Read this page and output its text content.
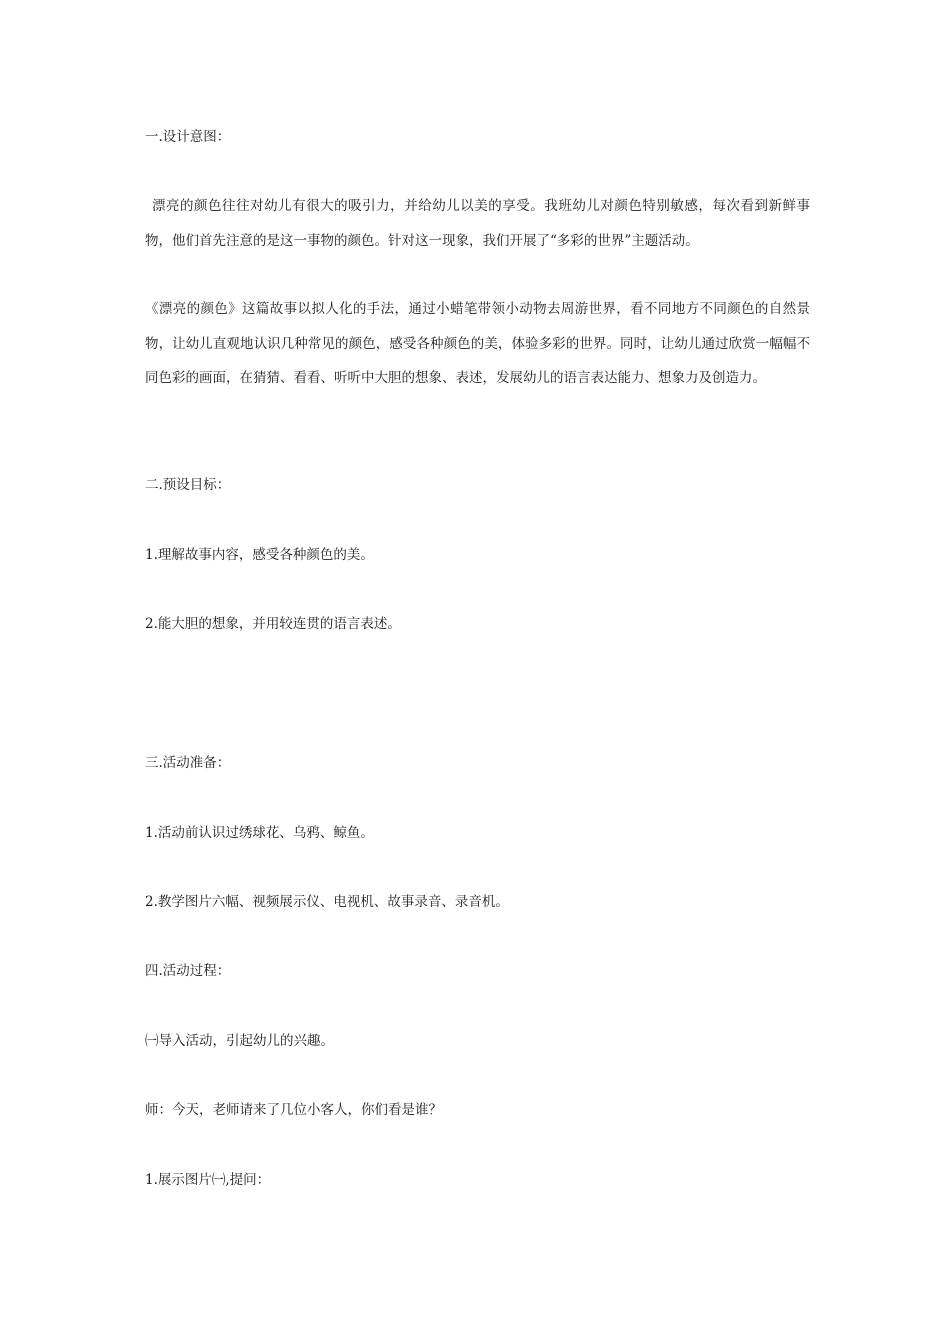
一.设计意图：
漂亮的颜色往往对幼儿有很大的吸引力，并给幼儿以美的享受。我班幼儿对颜色特别敏感，每次看到新鲜事物，他们首先注意的是这一事物的颜色。针对这一现象，我们开展了“多彩的世界”主题活动。
《漂亮的颜色》这篇故事以拟人化的手法，通过小蜡笔带领小动物去周游世界，看不同地方不同颜色的自然景物，让幼儿直观地认识几种常见的颜色，感受各种颜色的美，体验多彩的世界。同时，让幼儿通过欣赏一幅幅不同色彩的画面，在猜猜、看看、听听中大胆的想象、表述，发展幼儿的语言表达能力、想象力及创造力。
二.预设目标：
1.理解故事内容，感受各种颜色的美。
2.能大胆的想象，并用较连贯的语言表述。
三.活动准备：
1.活动前认识过绣球花、乌鸦、鲸鱼。
2.教学图片六幅、视频展示仪、电视机、故事录音、录音机。
四.活动过程：
㈠导入活动，引起幼儿的兴趣。
师：今天，老师请来了几位小客人，你们看是谁？
1.展示图片㈠,提问：
